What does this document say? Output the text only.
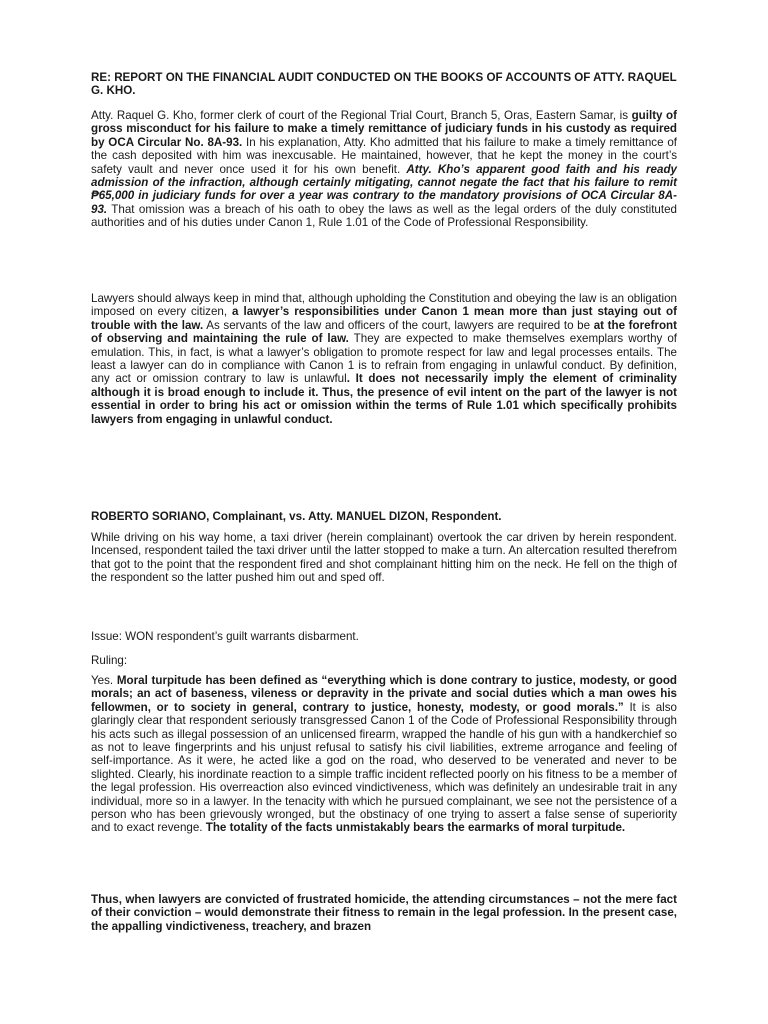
RE: REPORT ON THE FINANCIAL AUDIT CONDUCTED ON THE BOOKS OF ACCOUNTS OF ATTY. RAQUEL G. KHO.

Atty. Raquel G. Kho, former clerk of court of the Regional Trial Court, Branch 5, Oras, Eastern Samar, is guilty of gross misconduct for his failure to make a timely remittance of judiciary funds in his custody as required by OCA Circular No. 8A-93. In his explanation, Atty. Kho admitted that his failure to make a timely remittance of the cash deposited with him was inexcusable. He maintained, however, that he kept the money in the court’s safety vault and never once used it for his own benefit. Atty. Kho’s apparent good faith and his ready admission of the infraction, although certainly mitigating, cannot negate the fact that his failure to remit ₱65,000 in judiciary funds for over a year was contrary to the mandatory provisions of OCA Circular 8A-93. That omission was a breach of his oath to obey the laws as well as the legal orders of the duly constituted authorities and of his duties under Canon 1, Rule 1.01 of the Code of Professional Responsibility.

Lawyers should always keep in mind that, although upholding the Constitution and obeying the law is an obligation imposed on every citizen, a lawyer’s responsibilities under Canon 1 mean more than just staying out of trouble with the law. As servants of the law and officers of the court, lawyers are required to be at the forefront of observing and maintaining the rule of law. They are expected to make themselves exemplars worthy of emulation. This, in fact, is what a lawyer’s obligation to promote respect for law and legal processes entails. The least a lawyer can do in compliance with Canon 1 is to refrain from engaging in unlawful conduct. By definition, any act or omission contrary to law is unlawful. It does not necessarily imply the element of criminality although it is broad enough to include it. Thus, the presence of evil intent on the part of the lawyer is not essential in order to bring his act or omission within the terms of Rule 1.01 which specifically prohibits lawyers from engaging in unlawful conduct.

ROBERTO SORIANO, Complainant, vs. Atty. MANUEL DIZON, Respondent.

While driving on his way home, a taxi driver (herein complainant) overtook the car driven by herein respondent. Incensed, respondent tailed the taxi driver until the latter stopped to make a turn. An altercation resulted therefrom that got to the point that the respondent fired and shot complainant hitting him on the neck. He fell on the thigh of the respondent so the latter pushed him out and sped off.

Issue: WON respondent’s guilt warrants disbarment.

Ruling:

Yes. Moral turpitude has been defined as “everything which is done contrary to justice, modesty, or good morals; an act of baseness, vileness or depravity in the private and social duties which a man owes his fellowmen, or to society in general, contrary to justice, honesty, modesty, or good morals.” It is also glaringly clear that respondent seriously transgressed Canon 1 of the Code of Professional Responsibility through his acts such as illegal possession of an unlicensed firearm, wrapped the handle of his gun with a handkerchief so as not to leave fingerprints and his unjust refusal to satisfy his civil liabilities, extreme arrogance and feeling of self-importance. As it were, he acted like a god on the road, who deserved to be venerated and never to be slighted. Clearly, his inordinate reaction to a simple traffic incident reflected poorly on his fitness to be a member of the legal profession. His overreaction also evinced vindictiveness, which was definitely an undesirable trait in any individual, more so in a lawyer. In the tenacity with which he pursued complainant, we see not the persistence of a person who has been grievously wronged, but the obstinacy of one trying to assert a false sense of superiority and to exact revenge. The totality of the facts unmistakably bears the earmarks of moral turpitude.

Thus, when lawyers are convicted of frustrated homicide, the attending circumstances – not the mere fact of their conviction – would demonstrate their fitness to remain in the legal profession. In the present case, the appalling vindictiveness, treachery, and brazen
